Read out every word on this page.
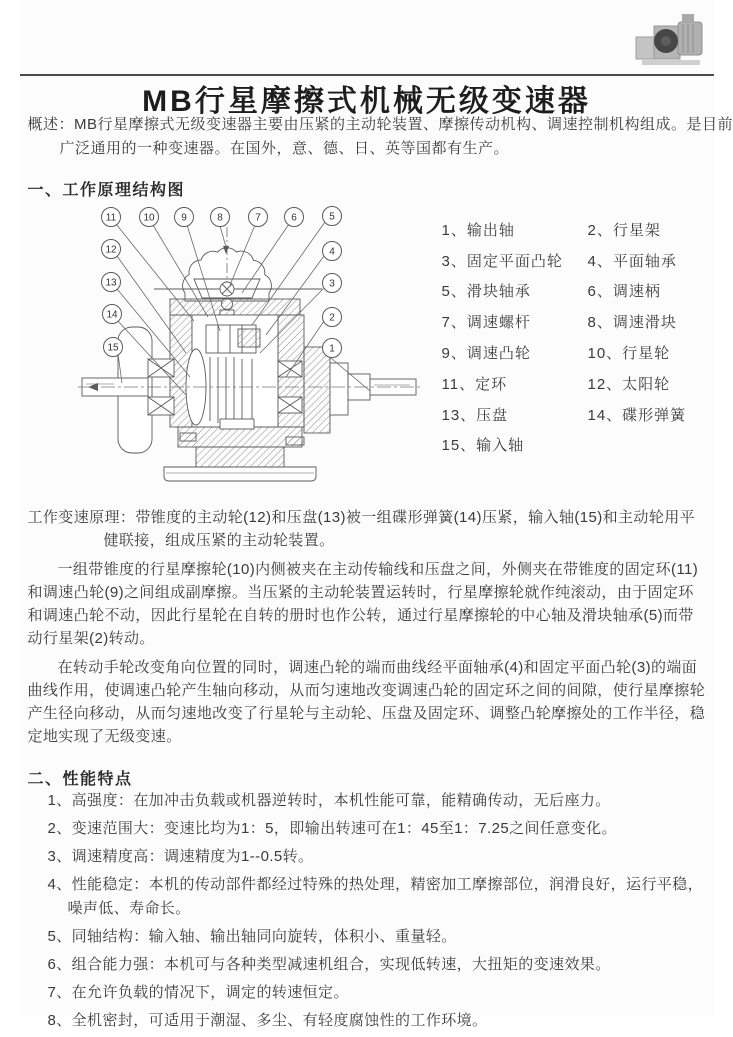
MB行星摩擦式机械无级变速器

概述：MB行星摩擦式无级变速器主要由压紧的主动轮装置、摩擦传动机构、调速控制机构组成。是目前广泛通用的一种变速器。在国外，意、德、日、英等国都有生产。

一、工作原理结构图
11	10	9	8	7	6	5
4
3
2
1
12
13
14
15
1、输出轴	2、行星架
3、固定平面凸轮	4、平面轴承
5、滑块轴承	6、调速柄
7、调速螺杆	8、调速滑块
9、调速凸轮	10、行星轮
11、定环	12、太阳轮
13、压盘	14、碟形弹簧
15、输入轴

工作变速原理：带锥度的主动轮(12)和压盘(13)被一组碟形弹簧(14)压紧，输入轴(15)和主动轮用平健联接，组成压紧的主动轮装置。

一组带锥度的行星摩擦轮(10)内侧被夹在主动传输线和压盘之间，外侧夹在带锥度的固定环(11)和调速凸轮(9)之间组成副摩擦。当压紧的主动轮装置运转时，行星摩擦轮就作纯滚动，由于固定环和调速凸轮不动，因此行星轮在自转的册时也作公转，通过行星摩擦轮的中心轴及滑块轴承(5)而带动行星架(2)转动。

在转动手轮改变角向位置的同时，调速凸轮的端而曲线经平面轴承(4)和固定平面凸轮(3)的端面曲线作用，使调速凸轮产生轴向移动，从而匀速地改变调速凸轮的固定环之间的间隙，使行星摩擦轮产生径向移动，从而匀速地改变了行星轮与主动轮、压盘及固定环、调整凸轮摩擦处的工作半径，稳定地实现了无级变速。

二、性能特点

1、高强度：在加冲击负载或机器逆转时，本机性能可靠，能精确传动，无后座力。

2、变速范围大：变速比均为1：5，即输出转速可在1：45至1：7.25之间任意变化。

3、调速精度高：调速精度为1--0.5转。

4、性能稳定：本机的传动部件都经过特殊的热处理，精密加工摩擦部位，润滑良好，运行平稳，噪声低、寿命长。

5、同轴结构：输入轴、输出轴同向旋转，体积小、重量轻。

6、组合能力强：本机可与各种类型减速机组合，实现低转速，大扭矩的变速效果。

7、在允许负载的情况下，调定的转速恒定。

8、全机密封，可适用于潮湿、多尘、有轻度腐蚀性的工作环境。
